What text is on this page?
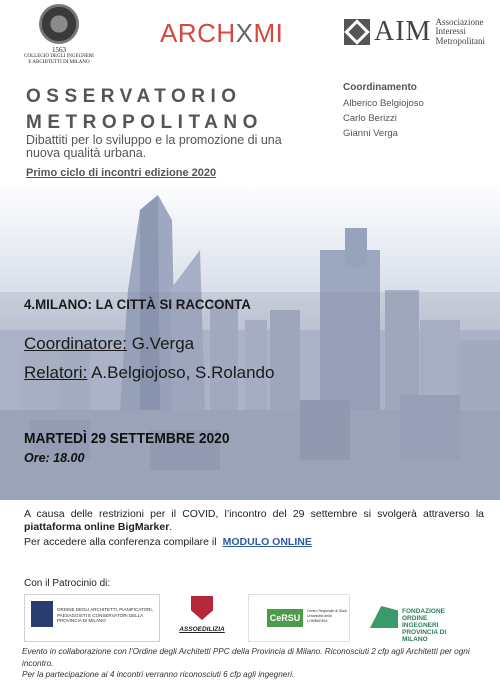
1563
COLLEGIO DEGLI INGEGNERI
E ARCHITETTI DI MILANO
ARCHXMI	AIM Associazione
Interessi
Metropolitani
OSSERVATORIO
METROPOLITANO
Dibattiti per lo sviluppo e la promozione di una nuova qualità urbana.
Primo ciclo di incontri edizione 2020
Coordinamento
Alberico Belgiojoso
Carlo Berizzi
Gianni Verga
4.MILANO: LA CITTÀ SI RACCONTA
Coordinatore: G.Verga
Relatori: A.Belgiojoso, S.Rolando
MARTEDÌ 29 SETTEMBRE 2020
Ore: 18.00
A causa delle restrizioni per il COVID, l’incontro del 29 settembre si svolgerà attraverso la piattaforma online BigMarker.
Per accedere alla conferenza compilare il MODULO ONLINE
Con il Patrocinio di:
ORDINE DEGLI ARCHITETTI, PIANIFICATORI, PAESAGGISTI E CONSERVATORI DELLA PROVINCIA DI MILANO
ASSOEDILIZIA
CeRSU
Centro Regionale di Studi Urbanistici della LOMBARDIA
FONDAZIONE
ORDINE INGEGNERI
PROVINCIA DI MILANO
Evento in collaborazione con l’Ordine degli Architetti PPC della Provincia di Milano. Riconosciuti 2 cfp agli Architetti per ogni incontro.
Per la partecipazione ai 4 incontri verranno riconosciuti 6 cfp agli ingegneri.
